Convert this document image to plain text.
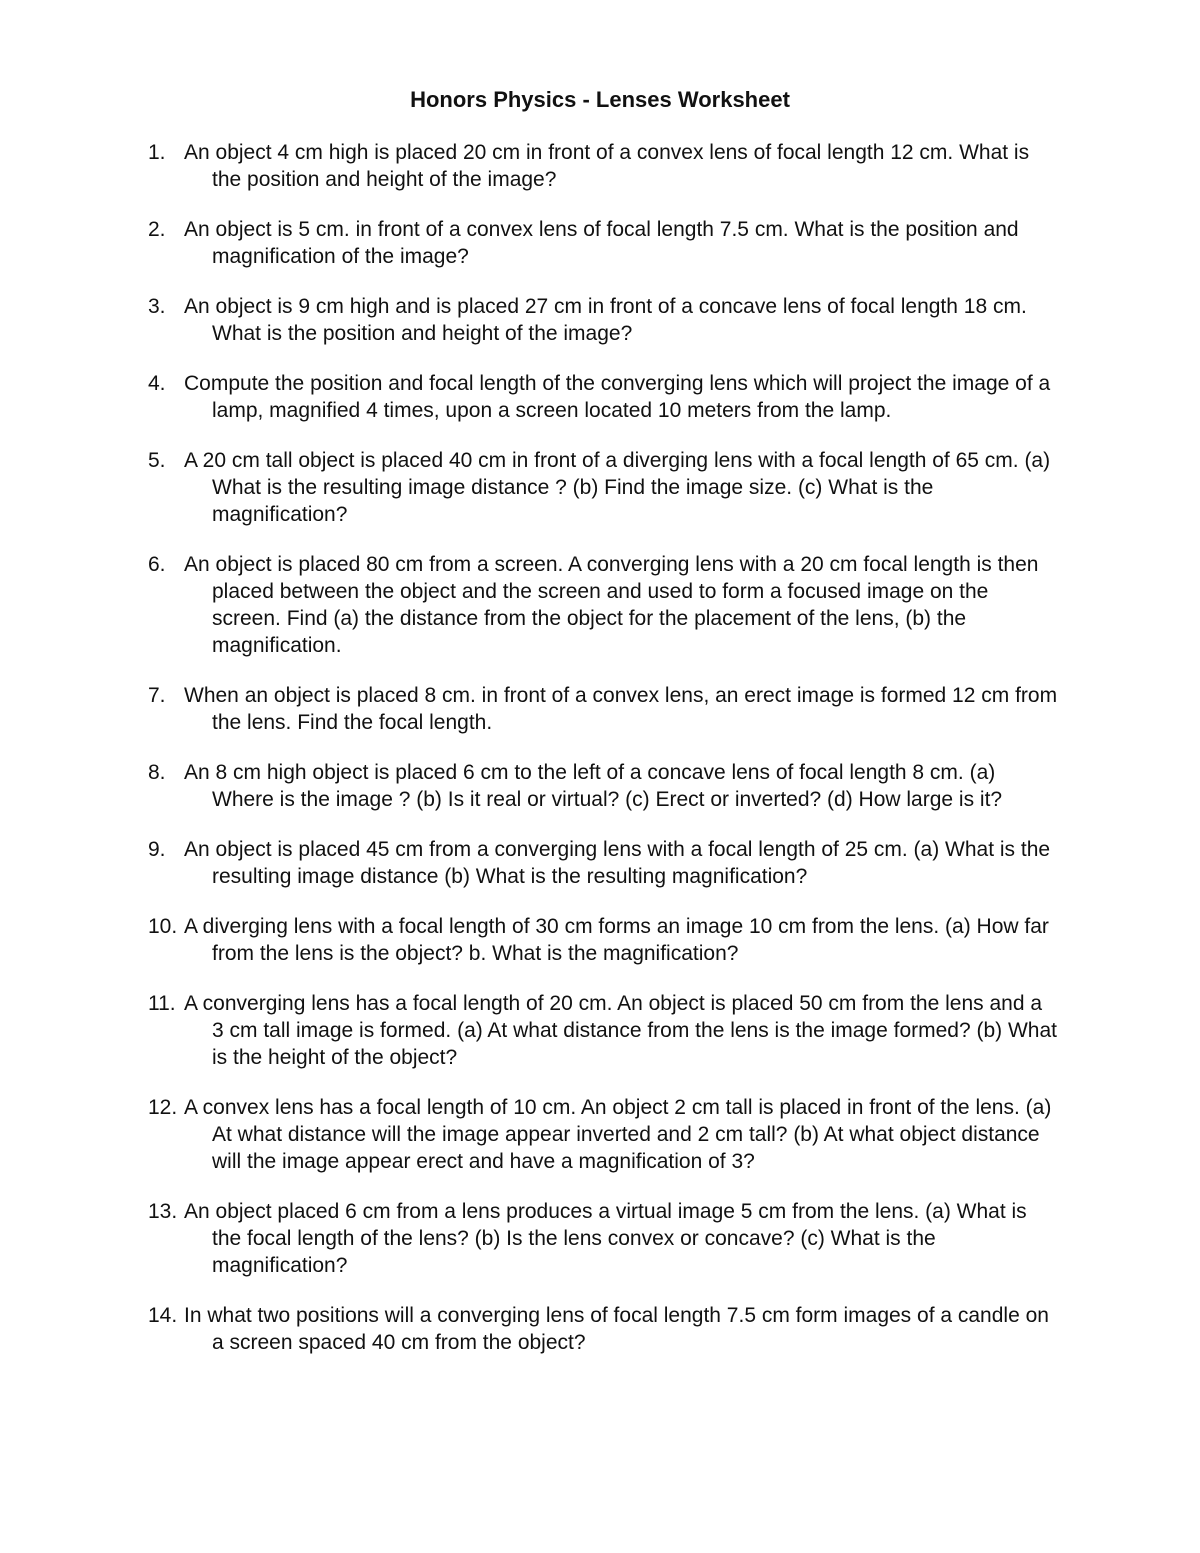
Honors Physics - Lenses Worksheet
1. An object 4 cm high is placed 20 cm in front of a convex lens of focal length 12 cm. What is the position and height of the image?
2. An object is 5 cm. in front of a convex lens of focal length 7.5 cm. What is the position and magnification of the image?
3. An object is 9 cm high and is placed 27 cm in front of a concave lens of focal length 18 cm. What is the position and height of the image?
4. Compute the position and focal length of the converging lens which will project the image of a lamp, magnified 4 times, upon a screen located 10 meters from the lamp.
5. A 20 cm tall object is placed 40 cm in front of a diverging lens with a focal length of 65 cm. (a) What is the resulting image distance ? (b) Find the image size. (c) What is the magnification?
6. An object is placed 80 cm from a screen. A converging lens with a 20 cm focal length is then placed between the object and the screen and used to form a focused image on the screen. Find (a) the distance from the object for the placement of the lens, (b) the magnification.
7. When an object is placed 8 cm. in front of a convex lens, an erect image is formed 12 cm from the lens. Find the focal length.
8. An 8 cm high object is placed 6 cm to the left of a concave lens of focal length 8 cm. (a) Where is the image ? (b) Is it real or virtual? (c) Erect or inverted? (d) How large is it?
9. An object is placed 45 cm from a converging lens with a focal length of 25 cm. (a) What is the resulting image distance (b) What is the resulting magnification?
10. A diverging lens with a focal length of 30 cm forms an image 10 cm from the lens. (a) How far from the lens is the object? b. What is the magnification?
11. A converging lens has a focal length of 20 cm. An object is placed 50 cm from the lens and a 3 cm tall image is formed. (a) At what distance from the lens is the image formed? (b) What is the height of the object?
12. A convex lens has a focal length of 10 cm. An object 2 cm tall is placed in front of the lens. (a) At what distance will the image appear inverted and 2 cm tall? (b) At what object distance will the image appear erect and have a magnification of 3?
13. An object placed 6 cm from a lens produces a virtual image 5 cm from the lens. (a) What is the focal length of the lens? (b) Is the lens convex or concave? (c) What is the magnification?
14. In what two positions will a converging lens of focal length 7.5 cm form images of a candle on a screen spaced 40 cm from the object?
